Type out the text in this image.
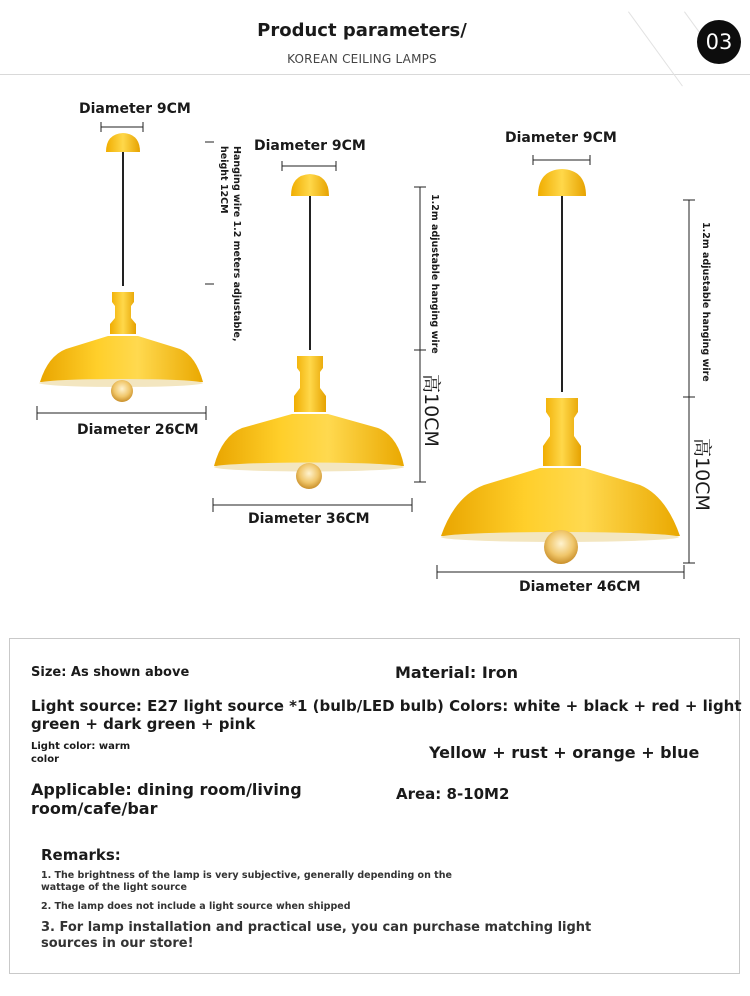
Product parameters/
KOREAN CEILING LAMPS
03
Diameter 9CM
Diameter 26CM
Hanging wire 1.2 meters adjustable,
height 12CM Diameter 9CM
Diameter 36CM
1.2m adjustable hanging wire
高10CM
Diameter 9CM
Diameter 46CM
1.2m adjustable hanging wire
高10CM
Size: As shown above	Material: Iron
Light source: E27 light source *1 (bulb/LED bulb) Colors: white + black + red + light
green + dark green + pink
Light color: warm
color	Yellow + rust + orange + blue
Applicable: dining room/living
room/cafe/bar
Area: 8-10M2
Remarks:
1. The brightness of the lamp is very subjective, generally depending on the
wattage of the light source
2. The lamp does not include a light source when shipped
3. For lamp installation and practical use, you can purchase matching light
sources in our store!
